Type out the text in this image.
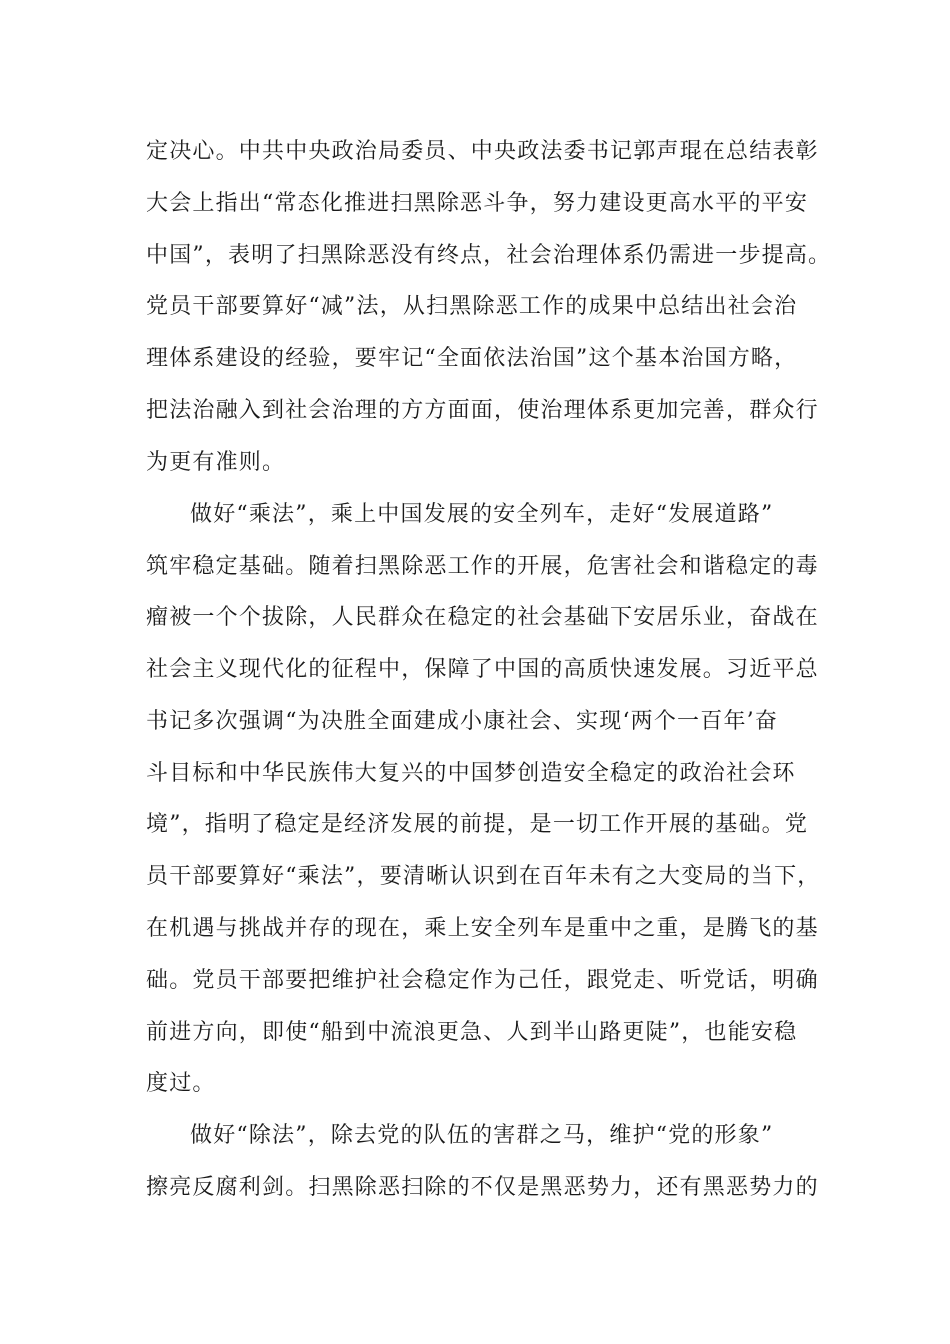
定决心。中共中央政治局委员、中央政法委书记郭声琨在总结表彰
大会上指出“常态化推进扫黑除恶斗争，努力建设更高水平的平安
中国”，表明了扫黑除恶没有终点，社会治理体系仍需进一步提高。
党员干部要算好“减”法，从扫黑除恶工作的成果中总结出社会治
理体系建设的经验，要牢记“全面依法治国”这个基本治国方略，
把法治融入到社会治理的方方面面，使治理体系更加完善，群众行
为更有准则。
做好“乘法”，乘上中国发展的安全列车，走好“发展道路”
筑牢稳定基础。随着扫黑除恶工作的开展，危害社会和谐稳定的毒
瘤被一个个拔除，人民群众在稳定的社会基础下安居乐业，奋战在
社会主义现代化的征程中，保障了中国的高质快速发展。习近平总
书记多次强调“为决胜全面建成小康社会、实现‘两个一百年’奋
斗目标和中华民族伟大复兴的中国梦创造安全稳定的政治社会环
境”，指明了稳定是经济发展的前提，是一切工作开展的基础。党
员干部要算好“乘法”，要清晰认识到在百年未有之大变局的当下，
在机遇与挑战并存的现在，乘上安全列车是重中之重，是腾飞的基
础。党员干部要把维护社会稳定作为己任，跟党走、听党话，明确
前进方向，即使“船到中流浪更急、人到半山路更陡”，也能安稳
度过。
做好“除法”，除去党的队伍的害群之马，维护“党的形象”
擦亮反腐利剑。扫黑除恶扫除的不仅是黑恶势力，还有黑恶势力的
